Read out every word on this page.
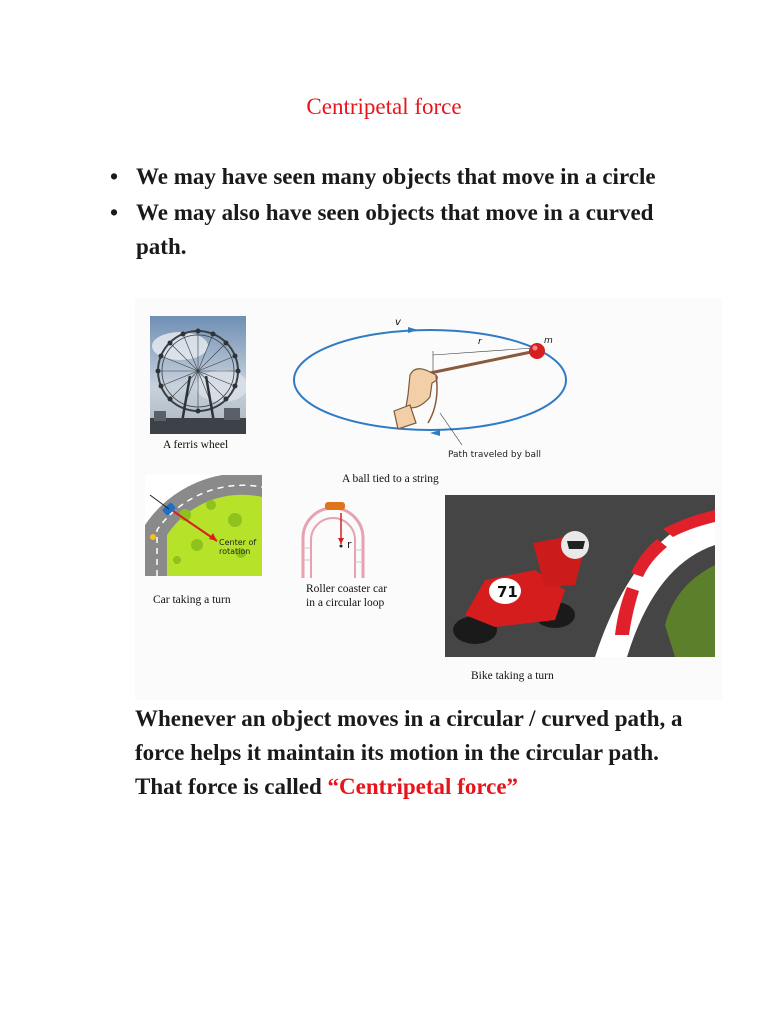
Centripetal force
• We may have seen many objects that move in a circle
• We may also have seen objects that move in a curved path.
A ferris wheel
v
r	m
Path traveled by ball
A ball tied to a string
Center of
rotation
Car taking a turn
r
Roller coaster car
in a circular loop
71
Bike taking a turn
Whenever an object moves in a circular / curved path, a force helps it maintain its motion in the circular path. That force is called “Centripetal force”
